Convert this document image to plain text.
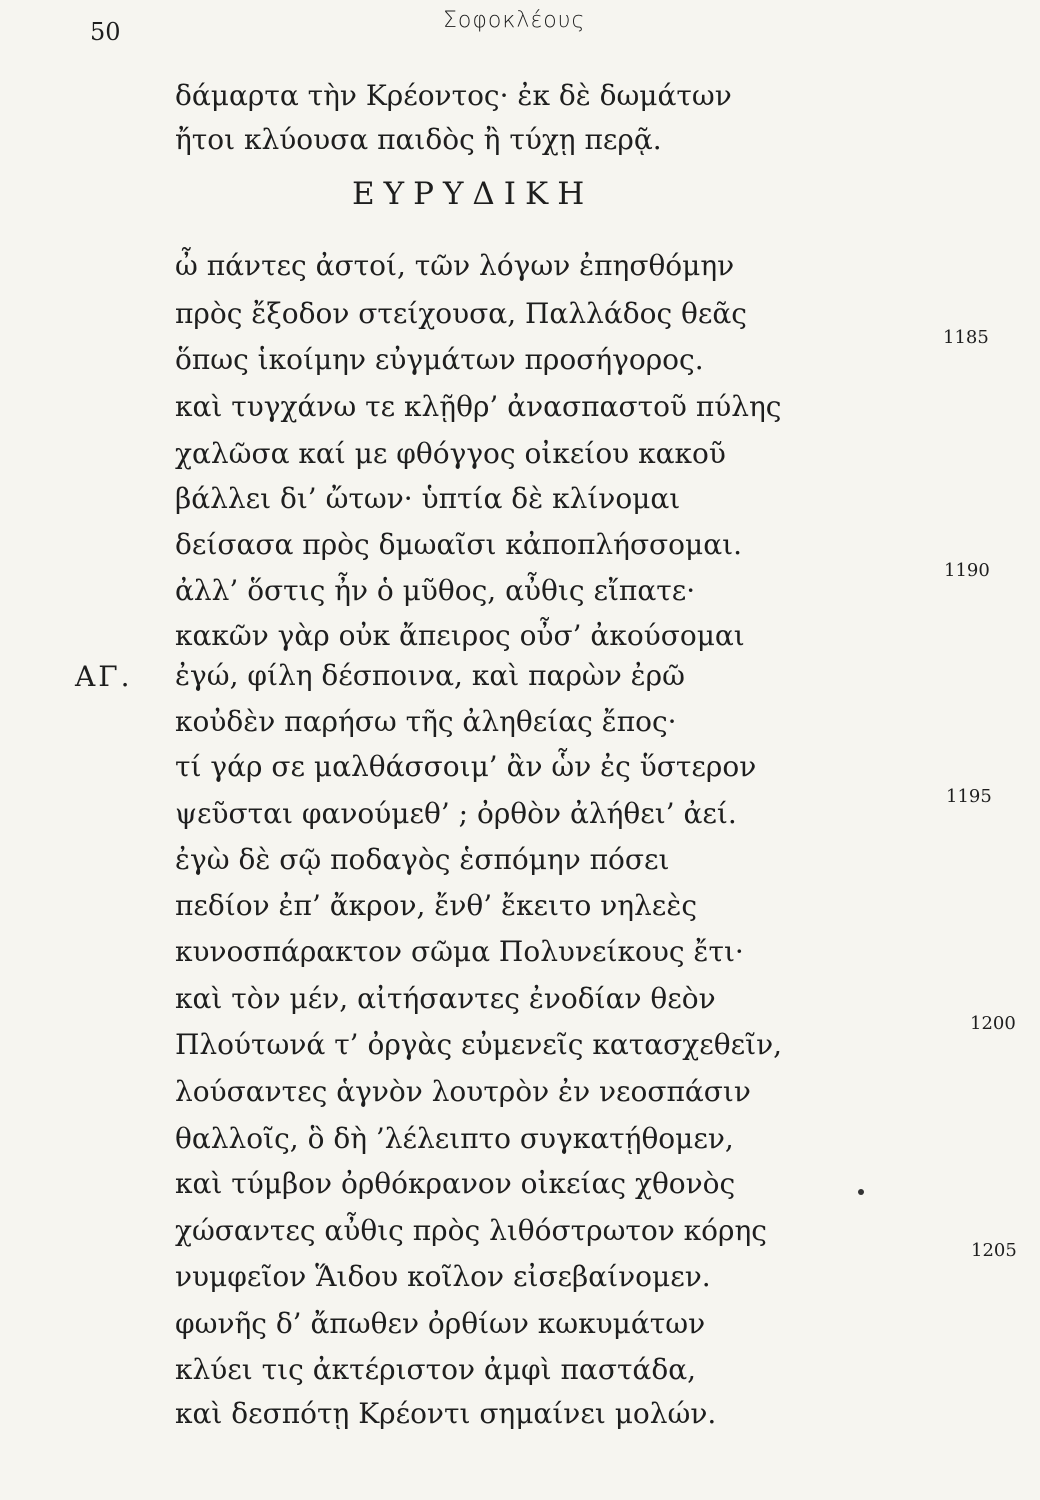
50	Σοφοκλέους
δάμαρτα τὴν Κρέοντος· ἐκ δὲ δωμάτων
ἤτοι κλύουσα παιδὸς ἢ τύχῃ περᾷ.
ΕΥΡΥΔΙΚΗ
ὦ πάντες ἀστοί, τῶν λόγων ἐπησθόμην
πρὸς ἔξοδον στείχουσα, Παλλάδος θεᾶς
ὅπως ἱκοίμην εὐγμάτων προσήγορος.
καὶ τυγχάνω τε κλῇθρ’ ἀνασπαστοῦ πύλης
χαλῶσα καί με φθόγγος οἰκείου κακοῦ
βάλλει δι’ ὤτων· ὑπτία δὲ κλίνομαι
δείσασα πρὸς δμωαῖσι κἀποπλήσσομαι.
ἀλλ’ ὅστις ἦν ὁ μῦθος, αὖθις εἴπατε·
κακῶν γὰρ οὐκ ἄπειρος οὖσ’ ἀκούσομαι
ΑΓ. ἐγώ, φίλη δέσποινα, καὶ παρὼν ἐρῶ
κοὐδὲν παρήσω τῆς ἀληθείας ἔπος·
τί γάρ σε μαλθάσσοιμ’ ἂν ὧν ἐς ὕστερον
ψεῦσται φανούμεθ’ ; ὀρθὸν ἀλήθει’ ἀεί.
ἐγὼ δὲ σῷ ποδαγὸς ἑσπόμην πόσει
πεδίον ἐπ’ ἄκρον, ἔνθ’ ἔκειτο νηλεὲς
κυνοσπάρακτον σῶμα Πολυνείκους ἔτι·
καὶ τὸν μέν, αἰτήσαντες ἐνοδίαν θεὸν
Πλούτωνά τ’ ὀργὰς εὐμενεῖς κατασχεθεῖν,
λούσαντες ἁγνὸν λουτρὸν ἐν νεοσπάσιν
θαλλοῖς, ὃ δὴ ’λέλειπτο συγκατῄθομεν,
καὶ τύμβον ὀρθόκρανον οἰκείας χθονὸς
χώσαντες αὖθις πρὸς λιθόστρωτον κόρης
νυμφεῖον Ἅιδου κοῖλον εἰσεβαίνομεν.
φωνῆς δ’ ἄπωθεν ὀρθίων κωκυμάτων
κλύει τις ἀκτέριστον ἀμφὶ παστάδα,
καὶ δεσπότῃ Κρέοντι σημαίνει μολών.
1185
1190
1195
1200
1205
